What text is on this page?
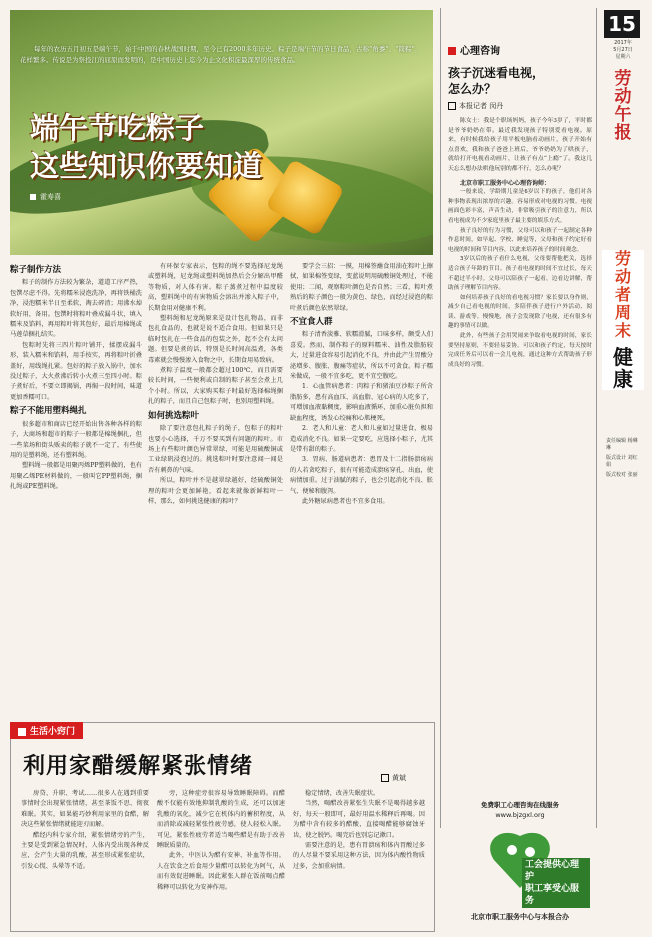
每年的农历五月初五是端午节，始于中国的春秋战国时期，至今已有2000多年历史。粽子是端午节的节日食品，古称“角黍”、“筒粽”，花样繁多。传说是为祭投江的屈原而发明的，是中国历史上迄今为止文化积淀最深厚的传统食品。
端午节吃粽子
这些知识你要知道
霍寿喜
粽子制作方法

粽子的制作方法较为繁杂，道道工序严热，包馔尽虑不得。先将糯米浸泡洗净，再将铁桶洗净，浸泡糯米半日至柔软，淘去碎渣；用沸水焯软好用，备用。包馔时将粽叶叠成漏斗状，填入糯米及馅料，再用粽叶将其包好，最后用棉绳或马莲草捆扎结实。

包粽时先将三四片粽叶铺开，揉摆成漏斗形，装入糯米和馅料，用手按实，再将粽叶折叠盖好，用线绳扎紧。包好的粽子放入锅中，加水没过粽子，大火煮沸后转小火煮三至四小时。粽子煮好后，不要立即揭锅，再焖一段时间，味道更加香糯可口。

粽子不能用塑料绳扎

很多超市和商店已经开始出售各种各样的粽子，大商场和超市的粽子一般都是棉绳捆扎，但一些菜场和街头贩卖的粽子就不一定了，有些使用的是塑料绳，还有塑料绳。

塑料绳一般都是用聚丙烯PP塑料做的，也有用聚乙烯PE材料做的，一般叫它PP塑料绳，捆扎绳或PE塑料绳。

有环保专家表示，包粽的绳不要选择尼龙绳或塑料绳，尼龙绳或塑料绳加热后会分解出甲醛等物质，对人体有害。粽子蒸煮过程中温度较高，塑料绳中的有害物质会溶出并渗入粽子中，长期食用对健康不利。

塑料绳和尼龙绳原来是设计包扎物品，而非包扎食品的，也就是说不适合食用。但如果只是临时包扎在一些食品的包装之外，起不会有太问题。但要是煮的话，特别是长时间高温煮，各类毒素就会慢慢渗入食物之中，长期食用易致病。

煮粽子温度一般都会超过100℃，而且需要较长时间，一些便利或自制的粽子甚至会煮上几个小时。所以，大家购买粽子时最好选择棉绳捆扎的粽子，而且自己包粽子时，也别用塑料绳。

如何挑选粽叶

除了要注意包扎粽子的绳子，包粽子的粽叶也要小心选择，千万不要买到有问题的粽叶。市场上有些粽叶颜色异常翠绿，可能是用硫酸铜或工业绿矾浸泡过的。挑选粽叶时要注意闻一闻是否有刺鼻的气味。

所以，粽叶并不是越翠绿越好，经硫酸铜处理的粽叶会更加鲜艳，看起来就像新鲜粽叶一样，那么，如何挑选健康的粽叶？

要学会三招：一摸，用棉签蘸食用油在粽叶上擦拭，如果棉签变绿，变蓝说明用硫酸铜处理过，不能使用；二闻，观察粽叶颜色是否自然；三看，粽叶煮熟后的粽子颜色一般为黄色、绿色，而经过浸泡的粽叶煮后颜色依然翠绿。

不宜食人群

粽子清香淡雅、软糯滑腻，口味多样，颇受人们喜爱。然而，制作粽子的原料糯米、油性及脂肪较大，过量进食容易引起消化不良，并由此产生胃酸分泌增多、腹胀、腹痛等症状，所以不可贪食。粽子糯米做成，一般不宜多吃，更不宜空腹吃。

1．心血管病患者：肉粽子和猪油豆沙粽子所含脂肪多，患有高血压、高血脂、冠心病的人吃多了，可增加血液黏稠度，影响血液循环，加重心脏负担和缺血程度，诱发心绞痛和心肌梗死。

2．老人和儿童：老人和儿童如过量进食，极易造成消化不良。如果一定要吃，应选择小粽子，尤其是带有甜的粽子。

3．胃病、肠道病患者：患胃及十二指肠溃疡病的人若贪吃粽子，很有可能造成溃疡穿孔、出血，使病情加重。过于油腻的粽子，也会引起消化不良、胀气、便秘和腹泻。

此外糖尿病患者也不宜多食用。

心理咨询
孩子沉迷看电视，
怎么办？
本报记者 闵丹

陈女士：我是个职场妈妈，孩子今年3岁了，平时都是爷爷奶奶在带。最近我发现孩子特别爱看电视。原来，有时候我给孩子用平板电脑看动画片，孩子开始有点喜欢，我和孩子爸爸上班后，爷爷奶奶为了哄孩子，就给打开电视看动画片，让孩子有点“上瘾”了。我这几天忘么想办法哄他玩别的都不行，怎么办呢？

北京市职工服务中心心理咨询师：

一般来说，学龄期儿童是6岁以下的孩子，他们对各种事物表现出浓厚的兴趣。容易形成对电视的习惯。电视画面色彩丰富，声音生动，非常吸引孩子的注意力，所以看电视成为不少家庭里孩子最主要的娱乐方式。

孩子良好的行为习惯，父母可以和孩子一起制定各种作息时间，如早起、学校、睡觉等，父母和孩子约定好看电视的时间和节目内容，以此来培养孩子的时间观念。

3岁以后的孩子看什么电视，父母要帮他把关，选择适合孩子年龄的节目。孩子看电视的时间不宜过长，每天不超过半小时。父母可以陪孩子一起看，边看边讲解，帮助孩子理解节目内容。

如何培养孩子良好的看电视习惯？家长要以身作则，减少自己看电视的时间，多陪伴孩子进行户外活动、阅读、游戏等。慢慢地，孩子会发现除了电视，还有很多有趣的事情可以做。

此外，有些孩子会用哭闹来争取看电视的时间，家长要坚持原则，不要轻易妥协。可以和孩子约定，每天按时完成任务后可以看一会儿电视，通过这种方式帮助孩子形成良好的习惯。

免费职工心理咨询在线服务
www.bjzgxl.org
工会提供心理护
职工享受心服务
北京市职工服务中心与本报合办
15
2017年
5月27日
星期六
劳
动
午
报
劳
动
者
周
末
健
康
责任编辑 杨琳琳
版式设计 刘红娟
版式校对 张丽
生活小窍门
利用家醋缓解紧张情绪	黄斌

房贷、升职、考试……很多人在遇到重要事情时会出现紧张情绪，甚至茶饭不思、彻夜难眠。其实，如果能巧妙利用家里的食醋，解决这些紧张情绪就能迎刃而解。

醋经内科专家介绍，紧张情绪旁的产生，主要是受到紧急情况时，人体内受出现各种反应，会产生大量的乳酸，甚至形成紧张症状，引发心慌、头晕等不适。

旁，这种症旁很容易导致睡眠障碍。而醋酸不仅能有效地抑制乳酸的生成，还可以加速乳酸的氧化，减少它在机体内的蓄积程度，从而消除或减轻紧张性疲劳感，使人轻松入眠。可见，紧张性疲劳者适当喝些醋是有助于改善睡眠质量的。

此外，中医认为醋有安神、补血等作用。人在饮食之后食用少量醋可以转化为阿气，从而有效促进睡眠。因此紧张人群在饭前喝点醋稀释可以转化为安神作用。

稳定情绪，改善失眠症状。

当然，喝醋改善紧张生失眠不是喝得越多越好，每天一般即可，最好用温水稀释后再喝。因为醋中含有较多的醋酸，直接喝醋能够腐蚀牙齿，使之脱钙。喝完后也别忘记漱口。

需要注意的是，患有胃溃疡和体内胃酸过多的人尽量不要采用这种方法，因为体内酸性物质过多，会加重病情。
